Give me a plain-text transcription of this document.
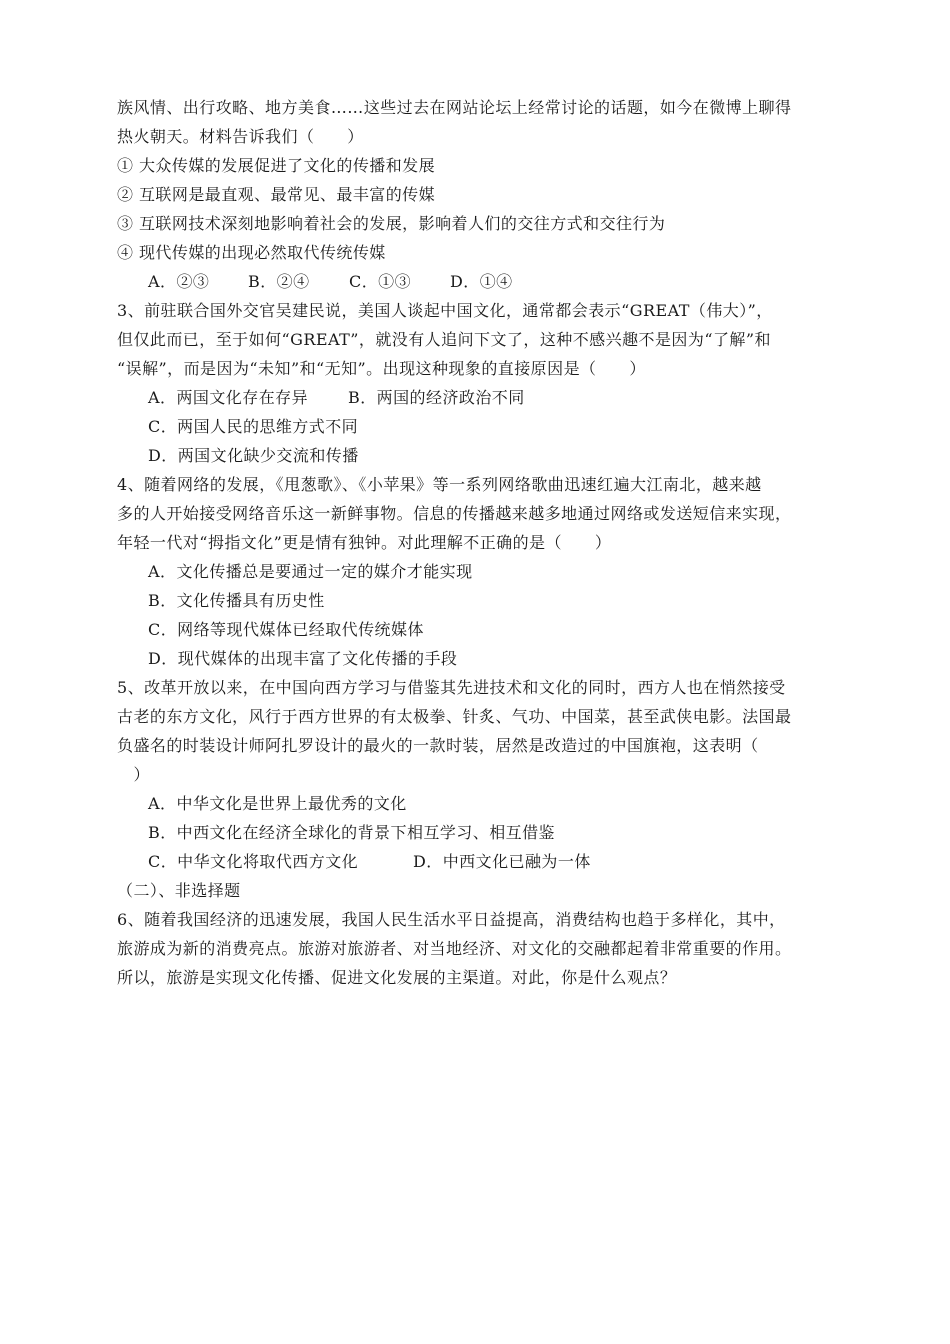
族风情、出行攻略、地方美食……这些过去在网站论坛上经常讨论的话题，如今在微博上聊得
热火朝天。材料告诉我们（　　）
① 大众传媒的发展促进了文化的传播和发展
② 互联网是最直观、最常见、最丰富的传媒
③ 互联网技术深刻地影响着社会的发展，影响着人们的交往方式和交往行为
④ 现代传媒的出现必然取代传统传媒
A．②③	B．②④	C．①③	D．①④
3、前驻联合国外交官吴建民说，美国人谈起中国文化，通常都会表示“GREAT（伟大）”，
但仅此而已，至于如何“GREAT”，就没有人追问下文了，这种不感兴趣不是因为“了解”和
“误解”，而是因为“未知”和“无知”。出现这种现象的直接原因是（　　）
A．两国文化存在存异	B．两国的经济政治不同
C．两国人民的思维方式不同
D．两国文化缺少交流和传播
4、随着网络的发展，《甩葱歌》、《小苹果》等一系列网络歌曲迅速红遍大江南北，越来越
多的人开始接受网络音乐这一新鲜事物。信息的传播越来越多地通过网络或发送短信来实现，
年轻一代对“拇指文化”更是情有独钟。对此理解不正确的是（　　）
A．文化传播总是要通过一定的媒介才能实现
B．文化传播具有历史性
C．网络等现代媒体已经取代传统媒体
D．现代媒体的出现丰富了文化传播的手段
5、改革开放以来，在中国向西方学习与借鉴其先进技术和文化的同时，西方人也在悄然接受
古老的东方文化，风行于西方世界的有太极拳、针炙、气功、中国菜，甚至武侠电影。法国最
负盛名的时装设计师阿扎罗设计的最火的一款时装，居然是改造过的中国旗袍，这表明（
　）
A．中华文化是世界上最优秀的文化
B．中西文化在经济全球化的背景下相互学习、相互借鉴
C．中华文化将取代西方文化	D．中西文化已融为一体
（二）、非选择题
6、随着我国经济的迅速发展，我国人民生活水平日益提高，消费结构也趋于多样化，其中，
旅游成为新的消费亮点。旅游对旅游者、对当地经济、对文化的交融都起着非常重要的作用。
所以，旅游是实现文化传播、促进文化发展的主渠道。对此，你是什么观点？
